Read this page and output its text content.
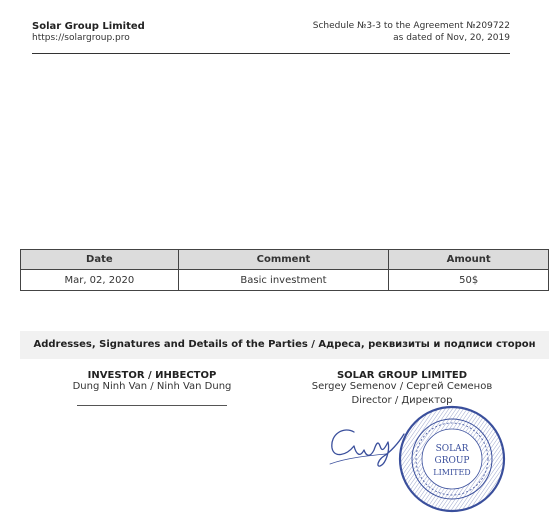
Solar Group Limited
https://solargroup.pro
Schedule №3-3 to the Agreement №209722
as dated of Nov, 20, 2019
Date	Comment	Amount
Mar, 02, 2020	Basic investment	50$
Addresses, Signatures and Details of the Parties / Адреса, реквизиты и подписи сторон
INVESTOR / ИНВЕСТОР
Dung Ninh Van / Ninh Van Dung
SOLAR GROUP LIMITED
Sergey Semenov / Сергей Семенов
Director / Директор
SOLAR
GROUP
LIMITED
